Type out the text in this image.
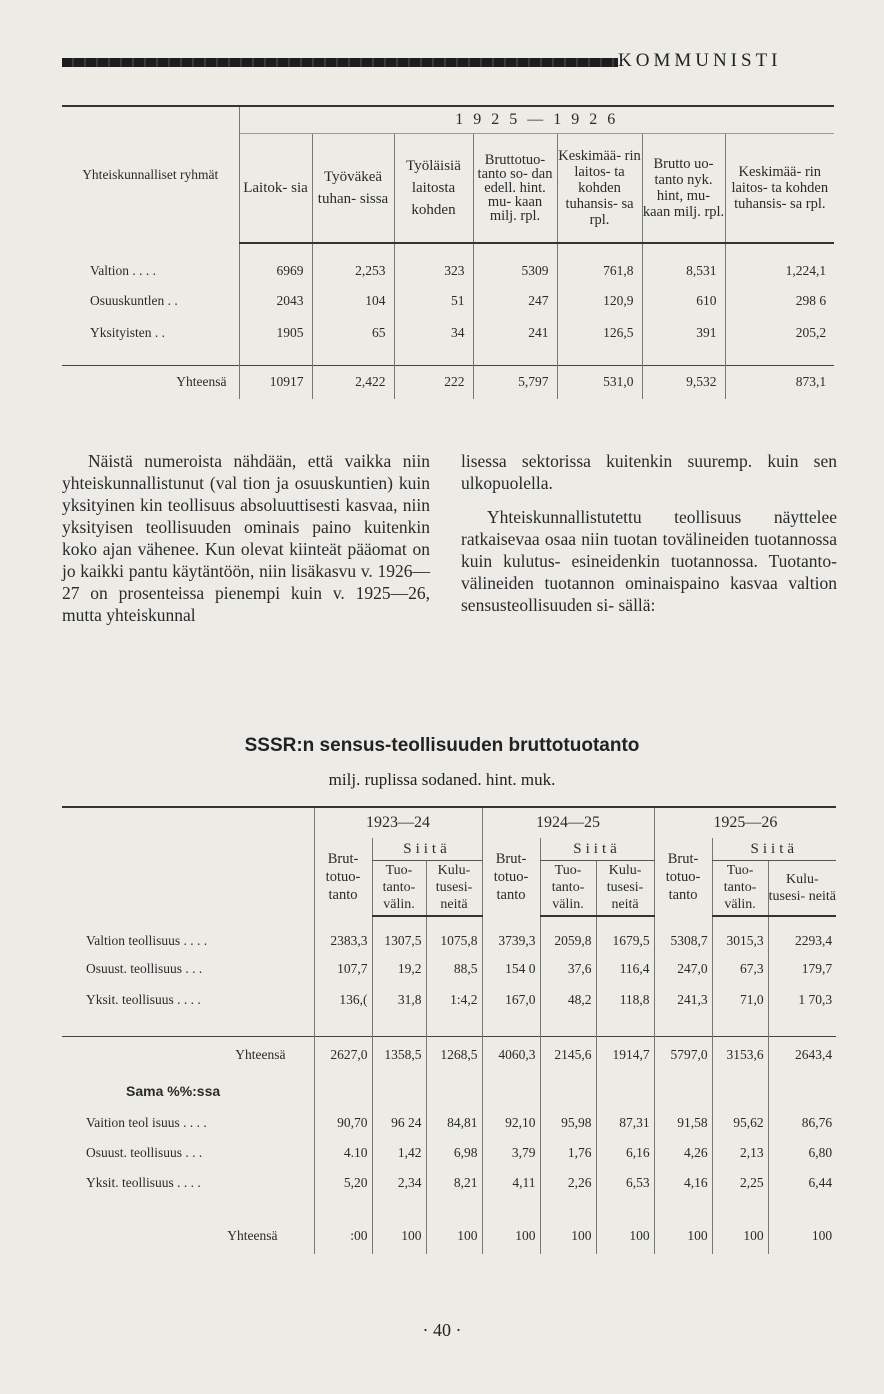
KOMMUNISTI
Yhteiskunnalliset ryhmät	1 9 2 5 — 1 9 2 6						
	Laitok- sia	Työväkeä tuhan- sissa	Työläisiä laitosta kohden	Bruttotuo- tanto so- dan edell. hint. mu- kaan milj. rpl.	Keskimää- rin laitos- ta kohden tuhansis- sa rpl.	Brutto uo- tanto nyk. hint, mu- kaan milj. rpl.	Keskimää- rin laitos- ta kohden tuhansis- sa rpl.

Valtion . . . .	6969	2,253	323	5309	761,8	8,531	1,224,1
Osuuskuntlen . .	2043	104	51	247	120,9	610	298 6
Yksityisten . .	1905	65	34	241	126,5	391	205,2

Yhteensä	10917	2,422	222	5,797	531,0	9,532	873,1

Näistä numeroista nähdään, että vaikka niin yhteiskunnallistunut (val tion ja osuuskuntien) kuin yksityinen kin teollisuus absoluuttisesti kasvaa, niin yksityisen teollisuuden ominais paino kuitenkin koko ajan vähenee. Kun olevat kiinteät pääomat on jo kaikki pantu käytäntöön, niin lisäkasvu v. 1926—27 on prosenteissa pienempi kuin v. 1925—26, mutta yhteiskunnal

lisessa sektorissa kuitenkin suuremp. kuin sen ulkopuolella.

Yhteiskunnallistutettu teollisuus näyttelee ratkaisevaa osaa niin tuotan tovälineiden tuotannossa kuin kulutus- esineidenkin tuotannossa. Tuotanto- välineiden tuotannon ominaispaino kasvaa valtion sensusteollisuuden si- sällä:

SSSR:n sensus-teollisuuden bruttotuotanto
milj. ruplissa sodaned. hint. muk.
	1923—24			1924—25			1925—26		
	Brut- totuo- tanto	Siitä		Brut- totuo- tanto	Siitä		Brut- totuo- tanto	Siitä	
		Tuo- tanto- välin.	Kulu- tusesi- neitä		Tuo- tanto- välin.	Kulu- tusesi- neitä		Tuo- tanto- välin.	Kulu- tusesi- neitä

Valtion teollisuus . . . .	2383,3	1307,5	1075,8	3739,3	2059,8	1679,5	5308,7	3015,3	2293,4
Osuust. teollisuus . . .	107,7	19,2	88,5	154 0	37,6	116,4	247,0	67,3	179,7
Yksit. teollisuus . . . .	136,(	31,8	1:4,2	167,0	48,2	118,8	241,3	71,0	1 70,3

Yhteensä	2627,0	1358,5	1268,5	4060,3	2145,6	1914,7	5797,0	3153,6	2643,4
Sama %%:ssa									
Vaition teol isuus . . . .	90,70	96 24	84,81	92,10	95,98	87,31	91,58	95,62	86,76
Osuust. teollisuus . . .	4.10	1,42	6,98	3,79	1,76	6,16	4,26	2,13	6,80
Yksit. teollisuus . . . .	5,20	2,34	8,21	4,11	2,26	6,53	4,16	2,25	6,44

Yhteensä	:00	100	100	100	100	100	100	100	100
· 40 ·
